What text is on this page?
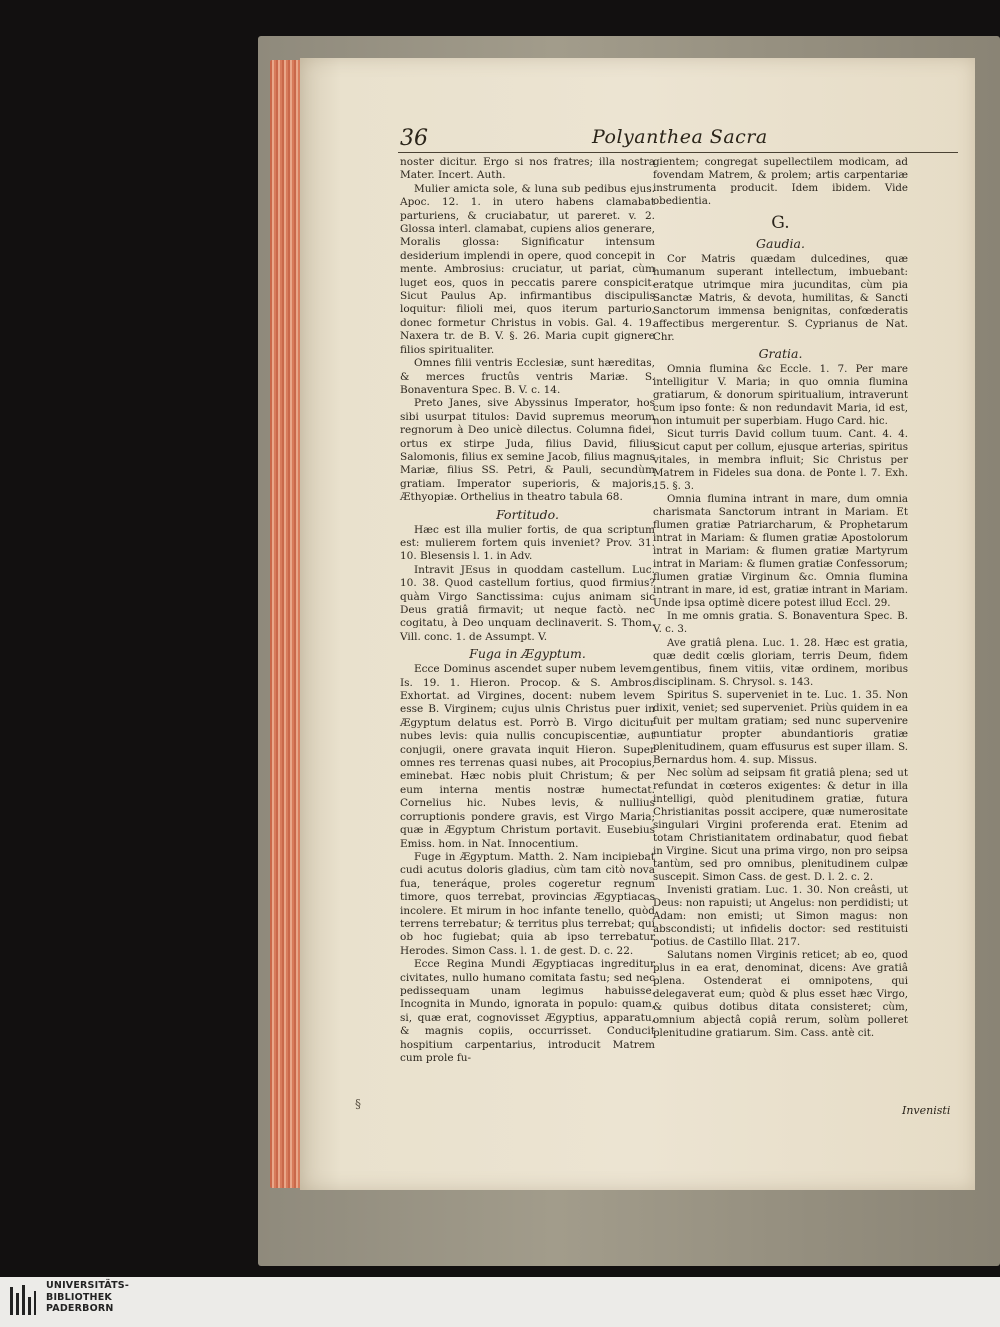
36	Polyanthea Sacra

noster dicitur. Ergo si nos fratres; illa nostra Mater. Incert. Auth.

Mulier amicta sole, & luna sub pedibus ejus. Apoc. 12. 1. in utero habens clamabat parturiens, & cruciabatur, ut pareret. v. 2. Glossa interl. clamabat, cupiens alios generare, Moralis glossa: Significatur intensum desiderium implendi in opere, quod concepit in mente. Ambrosius: cruciatur, ut pariat, cùm luget eos, quos in peccatis parere conspicit. Sicut Paulus Ap. infirmantibus discipulis loquitur: filioli mei, quos iterum parturio, donec formetur Christus in vobis. Gal. 4. 19. Naxera tr. de B. V. §. 26. Maria cupit gignere filios spiritualiter.

Omnes filii ventris Ecclesiæ, sunt hæreditas, & merces fructûs ventris Mariæ. S. Bonaventura Spec. B. V. c. 14.

Preto Janes, sive Abyssinus Imperator, hos sibi usurpat titulos: David supremus meorum regnorum à Deo unicè dilectus. Columna fidei, ortus ex stirpe Juda, filius David, filius Salomonis, filius ex semine Jacob, filius magnus Mariæ, filius SS. Petri, & Pauli, secundùm gratiam. Imperator superioris, & majoris, Æthyopiæ. Orthelius in theatro tabula 68.

Fortitudo.

Hæc est illa mulier fortis, de qua scriptum est: mulierem fortem quis inveniet? Prov. 31. 10. Blesensis l. 1. in Adv.

Intravit JEsus in quoddam castellum. Luc. 10. 38. Quod castellum fortius, quod firmius? quàm Virgo Sanctissima: cujus animam sic Deus gratiâ firmavit; ut neque factò. nec cogitatu, à Deo unquam declinaverit. S. Thom. Vill. conc. 1. de Assumpt. V.

Fuga in Ægyptum.

Ecce Dominus ascendet super nubem levem. Is. 19. 1. Hieron. Procop. & S. Ambros. Exhortat. ad Virgines, docent: nubem levem esse B. Virginem; cujus ulnis Christus puer in Ægyptum delatus est. Porrò B. Virgo dicitur nubes levis: quia nullis concupiscentiæ, aut conjugii, onere gravata inquit Hieron. Super omnes res terrenas quasi nubes, ait Procopius, eminebat. Hæc nobis pluit Christum; & per eum interna mentis nostræ humectat. Cornelius hic. Nubes levis, & nullius corruptionis pondere gravis, est Virgo Maria; quæ in Ægyptum Christum portavit. Eusebius Emiss. hom. in Nat. Innocentium.

Fuge in Ægyptum. Matth. 2. Nam incipiebat cudi acutus doloris gladius, cùm tam citò nova fua, teneráque, proles cogeretur regnum timore, quos terrebat, provincias Ægyptiacas incolere. Et mirum in hoc infante tenello, quòd terrens terrebatur; & territus plus terrebat; qui ob hoc fugiebat; quia ab ipso terrebatur Herodes. Simon Cass. l. 1. de gest. D. c. 22.

Ecce Regina Mundi Ægyptiacas ingreditur civitates, nullo humano comitata fastu; sed nec pedissequam unam legimus habuisse. Incognita in Mundo, ignorata in populo: quam, si, quæ erat, cognovisset Ægyptius, apparatu, & magnis copiis, occurrisset. Conducit hospitium carpentarius, introducit Matrem cum prole fu-

gientem; congregat supellectilem modicam, ad fovendam Matrem, & prolem; artis carpentariæ instrumenta producit. Idem ibidem. Vide obedientia.

G.
Gaudia.

Cor Matris quædam dulcedines, quæ humanum superant intellectum, imbuebant: eratque utrimque mira jucunditas, cùm pia Sanctæ Matris, & devota, humilitas, & Sancti Sanctorum immensa benignitas, confœderatis affectibus mergerentur. S. Cyprianus de Nat. Chr.

Gratia.

Omnia flumina &c Eccle. 1. 7. Per mare intelligitur V. Maria; in quo omnia flumina gratiarum, & donorum spiritualium, intraverunt cum ipso fonte: & non redundavit Maria, id est, non intumuit per superbiam. Hugo Card. hic.

Sicut turris David collum tuum. Cant. 4. 4. Sicut caput per collum, ejusque arterias, spiritus vitales, in membra influit; Sic Christus per Matrem in Fideles sua dona. de Ponte l. 7. Exh. 15. §. 3.

Omnia flumina intrant in mare, dum omnia charismata Sanctorum intrant in Mariam. Et flumen gratiæ Patriarcharum, & Prophetarum intrat in Mariam: & flumen gratiæ Apostolorum intrat in Mariam: & flumen gratiæ Martyrum intrat in Mariam: & flumen gratiæ Confessorum; flumen gratiæ Virginum &c. Omnia flumina intrant in mare, id est, gratiæ intrant in Mariam. Unde ipsa optimè dicere potest illud Eccl. 29.

In me omnis gratia. S. Bonaventura Spec. B. V. c. 3.

Ave gratiâ plena. Luc. 1. 28. Hæc est gratia, quæ dedit cœlis gloriam, terris Deum, fidem gentibus, finem vitiis, vitæ ordinem, moribus disciplinam. S. Chrysol. s. 143.

Spiritus S. superveniet in te. Luc. 1. 35. Non dixit, veniet; sed superveniet. Priùs quidem in ea fuit per multam gratiam; sed nunc supervenire nuntiatur propter abundantioris gratiæ plenitudinem, quam effusurus est super illam. S. Bernardus hom. 4. sup. Missus.

Nec solùm ad seipsam fit gratiâ plena; sed ut refundat in cœteros exigentes: & detur in illa intelligi, quòd plenitudinem gratiæ, futura Christianitas possit accipere, quæ numerositate singulari Virgini proferenda erat. Etenim ad totam Christianitatem ordinabatur, quod fiebat in Virgine. Sicut una prima virgo, non pro seipsa tantùm, sed pro omnibus, plenitudinem culpæ suscepit. Simon Cass. de gest. D. l. 2. c. 2.

Invenisti gratiam. Luc. 1. 30. Non creâsti, ut Deus: non rapuisti; ut Angelus: non perdidisti; ut Adam: non emisti; ut Simon magus: non abscondisti; ut infidelis doctor: sed restituisti potius. de Castillo Illat. 217.

Salutans nomen Virginis reticet; ab eo, quod plus in ea erat, denominat, dicens: Ave gratiâ plena. Ostenderat ei omnipotens, qui delegaverat eum; quòd & plus esset hæc Virgo, & quibus dotibus ditata consisteret; cùm, omnium abjectâ copiâ rerum, solùm polleret plenitudine gratiarum. Sim. Cass. antè cit.

§	Invenisti
UNIVERSITÄTS-
BIBLIOTHEK
PADERBORN
